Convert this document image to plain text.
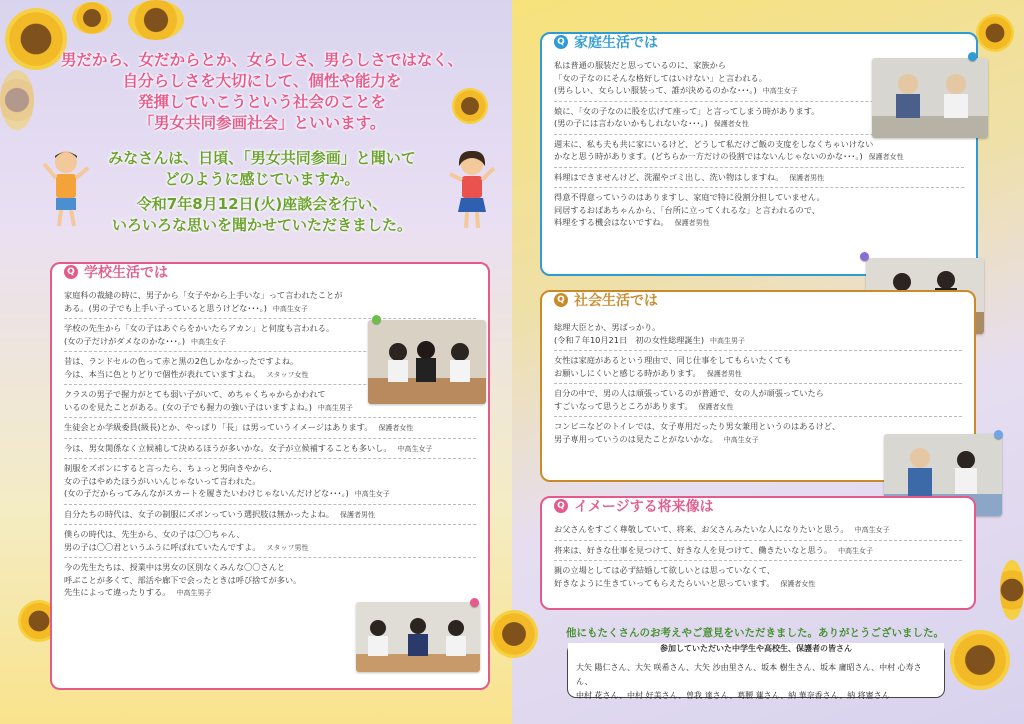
男だから、女だからとか、女らしさ、男らしさではなく、
自分らしさを大切にして、個性や能力を
発揮していこうという社会のことを
「男女共同参画社会」といいます。
みなさんは、日頃、「男女共同参画」と聞いて
どのように感じていますか。
令和7年8月12日(火)座談会を行い、
いろいろな思いを聞かせていただきました。
Q 学校生活では
家庭科の裁縫の時に、男子から「女子やから上手いな」って言われたことが
ある。(男の子でも上手い子っていると思うけどな･･･。) 中高生女子
学校の先生から「女の子はあぐらをかいたらアカン」と何度も言われる。
(女の子だけがダメなのかな･･･。) 中高生女子
昔は、ランドセルの色って赤と黒の2色しかなかったですよね。
今は、本当に色とりどりで個性が表れていますよね。 スタッフ女性
クラスの男子で握力がとても弱い子がいて、めちゃくちゃからかわれて
いるのを見たことがある。(女の子でも握力の強い子はいますよね。) 中高生男子
生徒会とか学級委員(級長)とか、やっぱり「長」は男っていうイメージはあります。 保護者女性
今は、男女関係なく立候補して決めるほうが多いかな。女子が立候補することも多いし。 中高生女子
制服をズボンにすると言ったら、ちょっと男向きやから、
女の子はやめたほうがいいんじゃないって言われた。
(女の子だからってみんながスカートを履きたいわけじゃないんだけどな･･･。) 中高生女子
自分たちの時代は、女子の制服にズボンっていう選択肢は無かったよね。 保護者男性
僕らの時代は、先生から、女の子は〇〇ちゃん、
男の子は〇〇君というふうに呼ばれていたんですよ。 スタッフ男性
今の先生たちは、授業中は男女の区別なくみんな〇〇さんと
呼ぶことが多くて、部活や廊下で会ったときは呼び捨てが多い。
先生によって違ったりする。 中高生男子
Q 家庭生活では
私は普通の服装だと思っているのに、家族から
「女の子なのにそんな格好してはいけない」と言われる。
(男らしい、女らしい服装って、誰が決めるのかな･･･。) 中高生女子
娘に、「女の子なのに股を広げて座って」と言ってしまう時があります。
(男の子には言わないかもしれないな･･･。) 保護者女性
週末に、私も夫も共に家にいるけど、どうして私だけご飯の支度をしなくちゃいけない
かなと思う時があります。(どちらか一方だけの役割ではないんじゃないのかな･･･。) 保護者女性
料理はできませんけど、洗濯やゴミ出し、洗い物はしますね。 保護者男性
得意不得意っていうのはありますし、家庭で特に役割分担していません。
同居するおばあちゃんから、「台所に立ってくれるな」と言われるので、
料理をする機会はないですね。 保護者男性
Q 社会生活では
総理大臣とか、男ばっかり。
(令和７年10月21日　初の女性総理誕生) 中高生男子
女性は家庭があるという理由で、同じ仕事をしてもらいたくても
お願いしにくいと感じる時があります。 保護者男性
自分の中で、男の人は頑張っているのが普通で、女の人が頑張っていたら
すごいなって思うところがあります。 保護者女性
コンビニなどのトイレでは、女子専用だったり男女兼用というのはあるけど、
男子専用っていうのは見たことがないかな。 中高生女子
Q イメージする将来像は
お父さんをすごく尊敬していて、将来、お父さんみたいな人になりたいと思う。 中高生女子
将来は、好きな仕事を見つけて、好きな人を見つけて、働きたいなと思う。 中高生女子
親の立場としては必ず結婚して欲しいとは思っていなくて、
好きなように生きていってもらえたらいいと思っています。 保護者女性
他にもたくさんのお考えやご意見をいただきました。ありがとうございました。
参加していただいた中学生や高校生、保護者の皆さん
大矢 陽仁さん、大矢 咲希さん、大矢 沙由里さん、坂本 樹生さん、坂本 庸昭さん、中村 心寿さん、
中村 花さん、中村 好美さん、曽我 達さん、葛腰 蓮さん、納 華奈香さん、納 将憲さん
